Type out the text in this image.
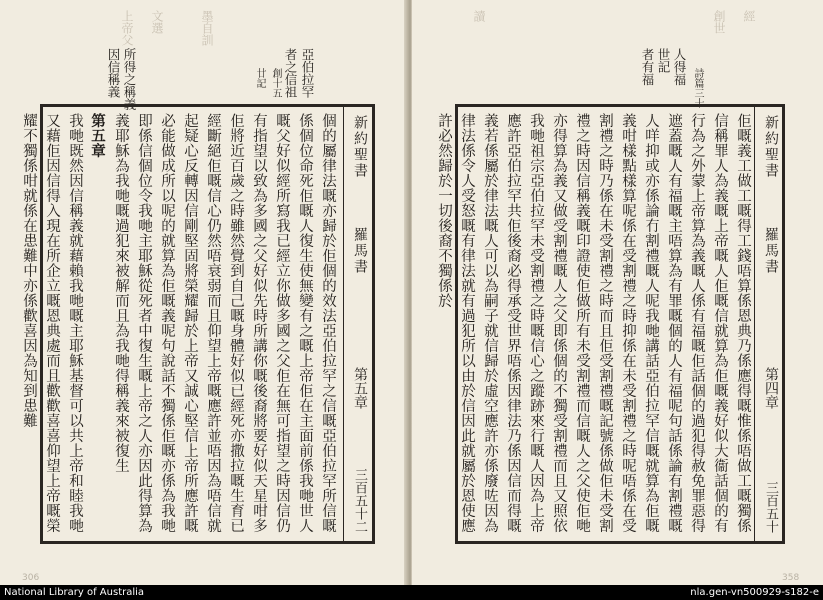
上帝父 文選	墨自訓
亞伯拉罕
者之信祖
創十五
廿記
所得之稱義
因信稱義

個的屬律法嘅亦歸於佢個的效法亞伯拉罕之信嘅亞伯拉罕所信嘅係個位命死佢嘅人復生使無變有之嘅上帝佢在主面前係我哋世人嘅父好似經所寫我已經立你做多國之父佢在無可指望之時因信仍有指望以致為多國之父好似先時所講你嘅後裔將要好似天星咁多佢將近百歲之時雖然覺到自己嘅身體好似已經死亦撒拉嘅生育已經斷絕佢嘅信心仍然唔衰弱而且仰望上帝嘅應許並唔因為唔信就起疑心反轉因信剛堅固將榮耀歸於上帝又誠心堅信上帝所應許嘅必能做成所以呢的就算為佢嘅義呢句說話不獨係佢嘅亦係為我哋即係信個位令我哋主耶穌從死者中復生嘅上帝之人亦因此得算為義耶穌為我哋嘅過犯來被解而且為我哋得稱義來被復生

第五章

我哋既然因信稱義就藉賴我哋嘅主耶穌基督可以共上帝和睦我哋又藉佢因信得入現在所企立嘅恩典處而且歡歡喜喜仰望上帝嘅榮耀不獨係咁就係在患難中亦係歡喜因為知到患難	新約聖書
羅馬書
第五章
三百五十二
讀	創世 經
人得福
世記
詩篇三十
者有福

佢嘅義工做工嘅得工錢唔算係恩典乃係應得嘅惟係唔做工嘅獨係信稱罪人為義嘅上帝嘅人佢嘅信就算為佢嘅義好似大衞話個的有行為之外蒙上帝算為義嘅人係有福嘅佢話個的過犯得赦免罪惡得遮蓋嘅人有福嘅主唔算為有罪嘅個的人有福呢句話係論有割禮嘅人咩抑或亦係論冇割禮嘅人呢我哋講話亞伯拉罕信嘅就算為佢嘅義咁樣點樣算呢係在受割禮之時抑係在未受割禮之時呢唔係在受割禮之時乃係在未受割禮之時而且佢受割禮嘅記號係做佢未受割禮之時因信稱義嘅印證使佢做所有未受割禮而信嘅人之父使佢哋亦得算為義又做受割禮嘅人之父即係個的不獨受割禮而且又照依我哋祖宗亞伯拉罕未受割禮之時嘅信心之蹤跡來行嘅人因為上帝應許亞伯拉罕共佢後裔必得承受世界唔係因律法乃係因信而得嘅義若係屬於律法嘅人可以為嗣子就信歸於虛空應許亦係廢咗因為律法係令人受怒嘅有律法就有過犯所以由於信因此就屬於恩使應許必然歸於一切後裔不獨係於	新約聖書
羅馬書
第四章
三百五十
306	358
National Library of Australia	nla.gen-vn500929-s182-e
